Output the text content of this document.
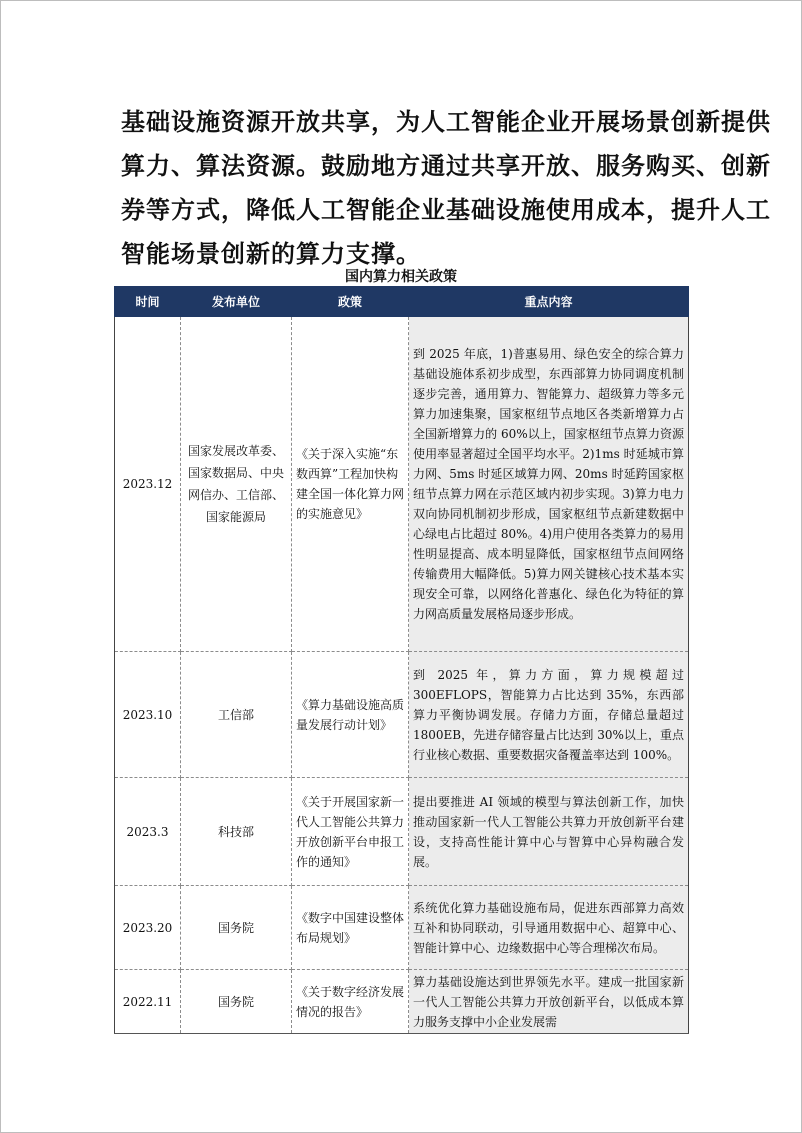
基础设施资源开放共享，为人工智能企业开展场景创新提供

算力、算法资源。鼓励地方通过共享开放、服务购买、创新

券等方式，降低人工智能企业基础设施使用成本，提升人工

智能场景创新的算力支撑。

国内算力相关政策
时间	发布单位	政策	重点内容
2023.12	国家发展改革委、国家数据局、中央网信办、工信部、国家能源局	《关于深入实施“东数西算”工程加快构建全国一体化算力网的实施意见》	到 2025 年底，1)普惠易用、绿色安全的综合算力基础设施体系初步成型，东西部算力协同调度机制逐步完善，通用算力、智能算力、超级算力等多元算力加速集聚，国家枢纽节点地区各类新增算力占全国新增算力的 60%以上，国家枢纽节点算力资源使用率显著超过全国平均水平。2)1ms 时延城市算力网、5ms 时延区域算力网、20ms 时延跨国家枢纽节点算力网在示范区域内初步实现。3)算力电力双向协同机制初步形成，国家枢纽节点新建数据中心绿电占比超过 80%。4)用户使用各类算力的易用性明显提高、成本明显降低，国家枢纽节点间网络传输费用大幅降低。5)算力网关键核心技术基本实现安全可靠，以网络化普惠化、绿色化为特征的算力网高质量发展格局逐步形成。
2023.10	工信部	《算力基础设施高质量发展行动计划》	到 2025 年，算力方面，算力规模超过 300EFLOPS，智能算力占比达到 35%，东西部算力平衡协调发展。存储力方面，存储总量超过 1800EB，先进存储容量占比达到 30%以上，重点行业核心数据、重要数据灾备覆盖率达到 100%。
2023.3	科技部	《关于开展国家新一代人工智能公共算力开放创新平台申报工作的通知》	提出要推进 AI 领域的模型与算法创新工作，加快推动国家新一代人工智能公共算力开放创新平台建设，支持高性能计算中心与智算中心异构融合发展。
2023.20	国务院	《数字中国建设整体布局规划》	系统优化算力基础设施布局，促进东西部算力高效互补和协同联动，引导通用数据中心、超算中心、智能计算中心、边缘数据中心等合理梯次布局。
2022.11	国务院	《关于数字经济发展情况的报告》	算力基础设施达到世界领先水平。建成一批国家新一代人工智能公共算力开放创新平台，以低成本算力服务支撑中小企业发展需
